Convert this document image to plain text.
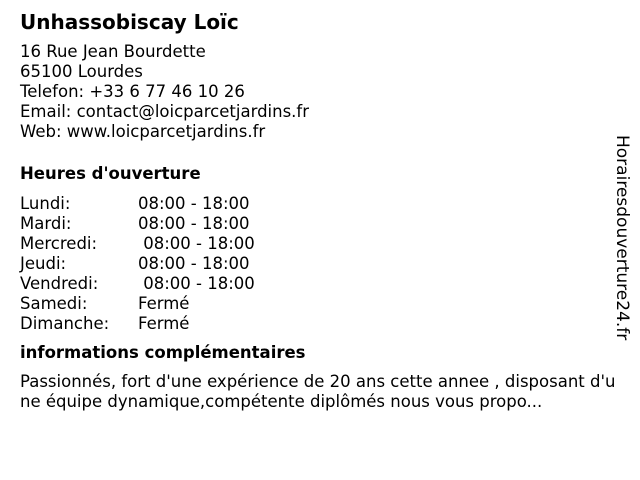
Unhassobiscay Loïc
16 Rue Jean Bourdette
65100 Lourdes
Telefon: +33 6 77 46 10 26
Email: contact@loicparcetjardins.fr
Web: www.loicparcetjardins.fr
Heures d'ouverture
Lundi:	08:00 - 18:00
Mardi:	08:00 - 18:00
Mercredi:	08:00 - 18:00
Jeudi:	08:00 - 18:00
Vendredi:	08:00 - 18:00
Samedi:	Fermé
Dimanche:	Fermé
informations complémentaires
Passionnés, fort d'une expérience de 20 ans cette annee , disposant d'une équipe dynamique,compétente diplômés nous vous propo...
Horairesdouverture24.fr
